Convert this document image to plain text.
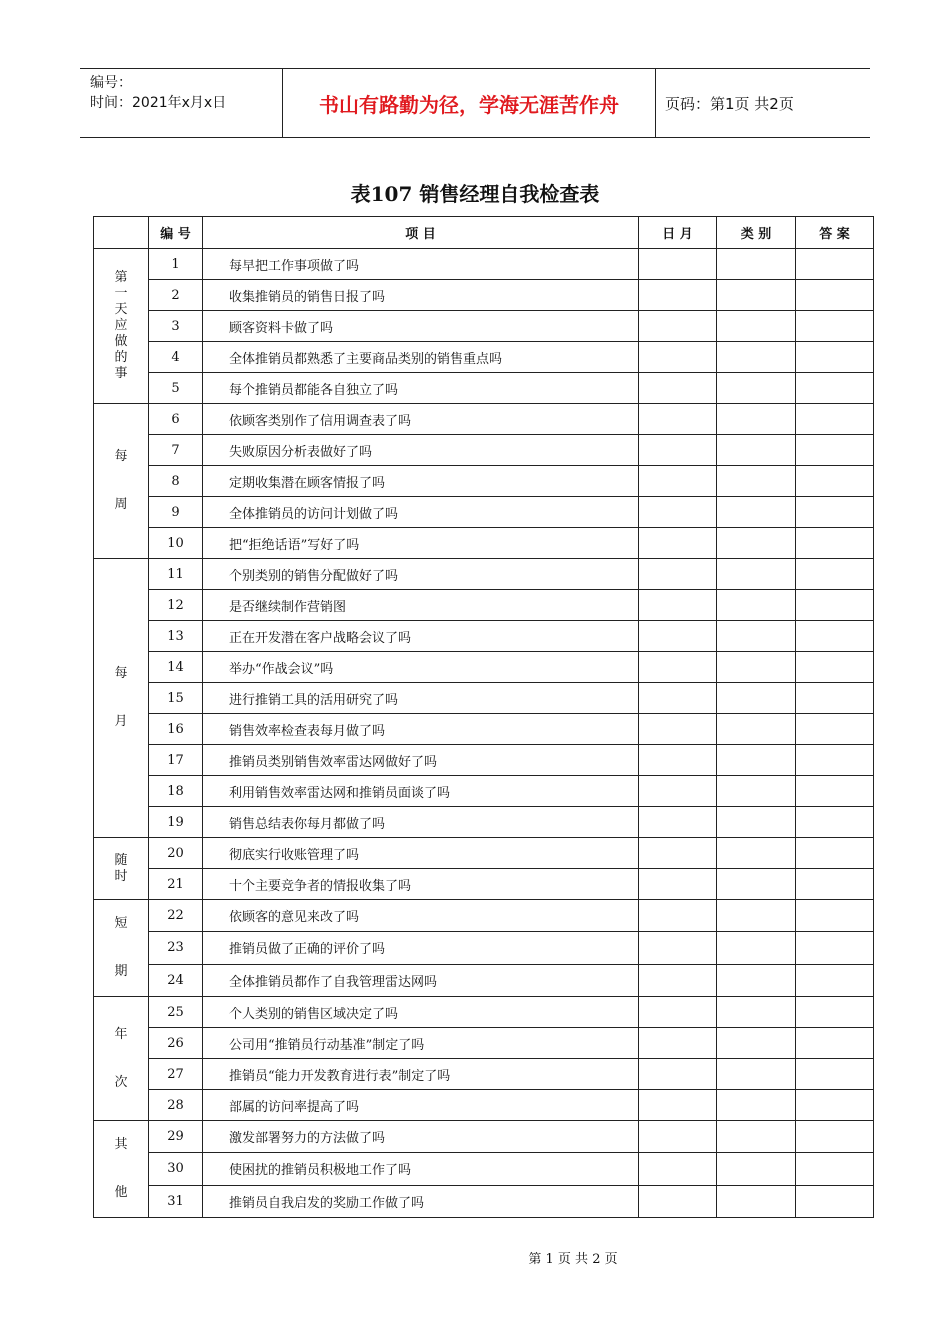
编号：
时间：2021年x月x日	书山有路勤为径，学海无涯苦作舟	页码：第1页 共2页
表107 销售经理自我检查表
	编 号	项 目	日 月	类 别	答 案
第一天应做的事	1	每早把工作事项做了吗			
	2	收集推销员的销售日报了吗			
	3	顾客资料卡做了吗			
	4	全体推销员都熟悉了主要商品类别的销售重点吗			
	5	每个推销员都能各自独立了吗			

每
周	6	依顾客类别作了信用调查表了吗			
	7	失败原因分析表做好了吗			
	8	定期收集潜在顾客情报了吗			
	9	全体推销员的访问计划做了吗			
	10	把“拒绝话语”写好了吗			

每
月	11	个别类别的销售分配做好了吗			
	12	是否继续制作营销图			
	13	正在开发潜在客户战略会议了吗			
	14	举办“作战会议”吗			
	15	进行推销工具的活用研究了吗			
	16	销售效率检查表每月做了吗			
	17	推销员类别销售效率雷达网做好了吗			
	18	利用销售效率雷达网和推销员面谈了吗			
	19	销售总结表你每月都做了吗			
随时	20	彻底实行收账管理了吗			
	21	十个主要竞争者的情报收集了吗			

短
期	22	依顾客的意见来改了吗			
	23	推销员做了正确的评价了吗			
	24	全体推销员都作了自我管理雷达网吗			

年
次	25	个人类别的销售区域决定了吗			
	26	公司用“推销员行动基准”制定了吗			
	27	推销员“能力开发教育进行表”制定了吗			
	28	部属的访问率提高了吗			

其
他	29	激发部署努力的方法做了吗			
	30	使困扰的推销员积极地工作了吗			
	31	推销员自我启发的奖励工作做了吗			
第 1 页 共 2 页
